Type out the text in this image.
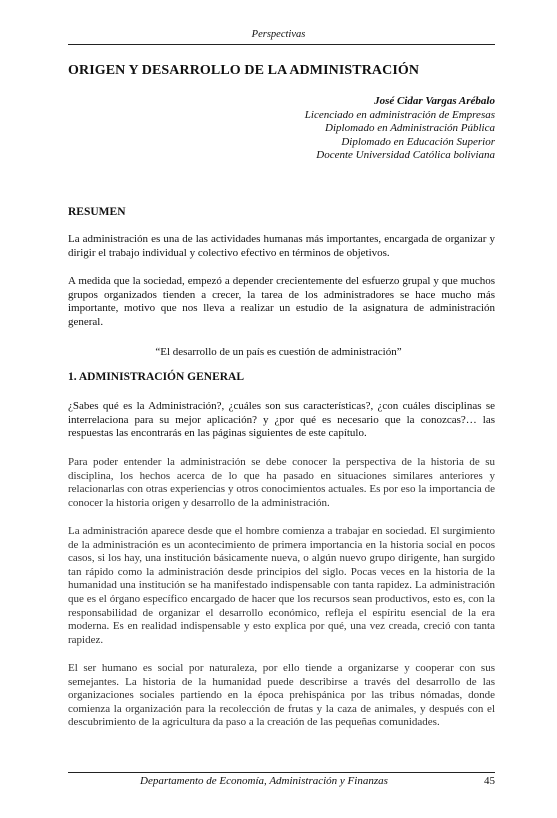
Perspectivas
ORIGEN Y DESARROLLO DE LA ADMINISTRACIÓN
José Cidar Vargas Arébalo
Licenciado en administración de Empresas
Diplomado en Administración Pública
Diplomado en Educación Superior
Docente Universidad Católica boliviana
RESUMEN

La administración es una de las actividades humanas más importantes, encargada de organizar y dirigir el trabajo individual y colectivo efectivo en términos de objetivos.

A medida que la sociedad, empezó a depender crecientemente del esfuerzo grupal y que muchos grupos organizados tienden a crecer, la tarea de los administradores se hace mucho más importante, motivo que nos lleva a realizar un estudio de la asignatura de administración general.

“El desarrollo de un país es cuestión de administración”
1. ADMINISTRACIÓN GENERAL

¿Sabes qué es la Administración?, ¿cuáles son sus características?, ¿con cuáles disciplinas se interrelaciona para su mejor aplicación? y ¿por qué es necesario que la conozcas?… las respuestas las encontrarás en las páginas siguientes de este capítulo.

Para poder entender la administración se debe conocer la perspectiva de la historia de su disciplina, los hechos acerca de lo que ha pasado en situaciones similares anteriores y relacionarlas con otras experiencias y otros conocimientos actuales. Es por eso la importancia de conocer la historia origen y desarrollo de la administración.

La administración aparece desde que el hombre comienza a trabajar en sociedad. El surgimiento de la administración es un acontecimiento de primera importancia en la historia social en pocos casos, si los hay, una institución básicamente nueva, o algún nuevo grupo dirigente, han surgido tan rápido como la administración desde principios del siglo. Pocas veces en la historia de la humanidad una institución se ha manifestado indispensable con tanta rapidez. La administración que es el órgano específico encargado de hacer que los recursos sean productivos, esto es, con la responsabilidad de organizar el desarrollo económico, refleja el espíritu esencial de la era moderna. Es en realidad indispensable y esto explica por qué, una vez creada, creció con tanta rapidez.

El ser humano es social por naturaleza, por ello tiende a organizarse y cooperar con sus semejantes. La historia de la humanidad puede describirse a través del desarrollo de las organizaciones sociales partiendo en la época prehispánica por las tribus nómadas, donde comienza la organización para la recolección de frutas y la caza de animales, y después con el descubrimiento de la agricultura da paso a la creación de las pequeñas comunidades.

Departamento de Economía, Administración y Finanzas	45
